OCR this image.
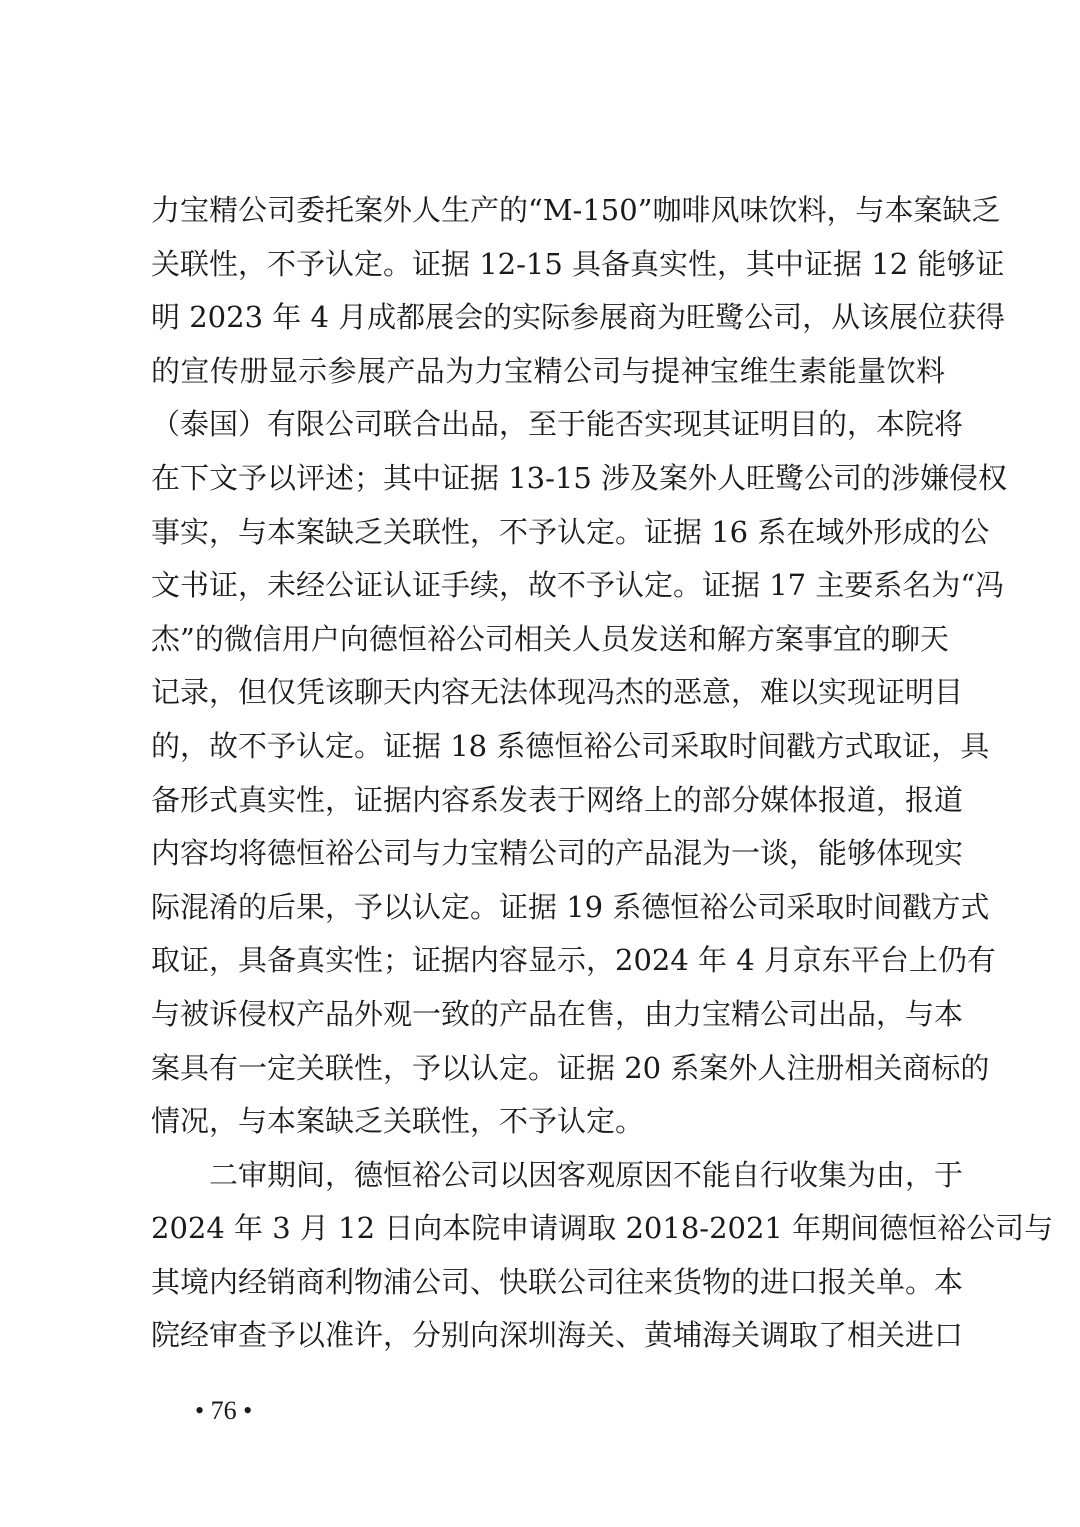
力宝精公司委托案外人生产的“M-150”咖啡风味饮料，与本案缺乏
关联性，不予认定。证据 12-15 具备真实性，其中证据 12 能够证
明 2023 年 4 月成都展会的实际参展商为旺鹭公司，从该展位获得
的宣传册显示参展产品为力宝精公司与提神宝维生素能量饮料
（泰国）有限公司联合出品，至于能否实现其证明目的，本院将
在下文予以评述；其中证据 13-15 涉及案外人旺鹭公司的涉嫌侵权
事实，与本案缺乏关联性，不予认定。证据 16 系在域外形成的公
文书证，未经公证认证手续，故不予认定。证据 17 主要系名为“冯
杰”的微信用户向德恒裕公司相关人员发送和解方案事宜的聊天
记录，但仅凭该聊天内容无法体现冯杰的恶意，难以实现证明目
的，故不予认定。证据 18 系德恒裕公司采取时间戳方式取证，具
备形式真实性，证据内容系发表于网络上的部分媒体报道，报道
内容均将德恒裕公司与力宝精公司的产品混为一谈，能够体现实
际混淆的后果，予以认定。证据 19 系德恒裕公司采取时间戳方式
取证，具备真实性；证据内容显示，2024 年 4 月京东平台上仍有
与被诉侵权产品外观一致的产品在售，由力宝精公司出品，与本
案具有一定关联性，予以认定。证据 20 系案外人注册相关商标的
情况，与本案缺乏关联性，不予认定。
二审期间，德恒裕公司以因客观原因不能自行收集为由，于
2024 年 3 月 12 日向本院申请调取 2018-2021 年期间德恒裕公司与
其境内经销商利物浦公司、快联公司往来货物的进口报关单。本
院经审查予以准许，分别向深圳海关、黄埔海关调取了相关进口
• 76 •
